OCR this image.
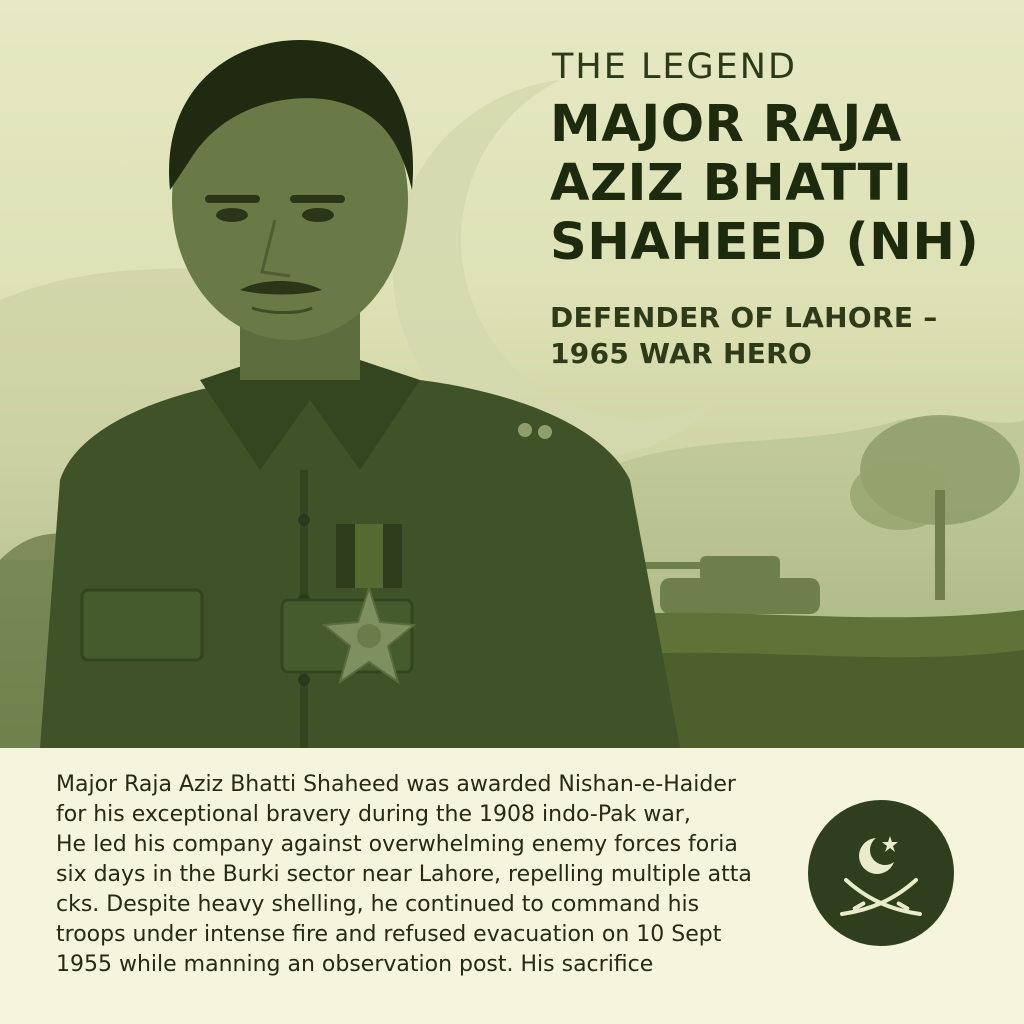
THE LEGEND
MAJOR RAJA
AZIZ BHATTI
SHAHEED (NH)
DEFENDER OF LAHORE –
1965 WAR HERO

Major Raja Aziz Bhatti Shaheed was awarded Nishan-e-Haider
for his exceptional bravery during the 1908 indo-Pak war,
He led his company against overwhelming enemy forces foria
six days in the Burki sector near Lahore, repelling multiple atta
cks. Despite heavy shelling, he continued to command his
troops under intense fire and refused evacuation on 10 Sept
1955 while manning an observation post. His sacrifice
